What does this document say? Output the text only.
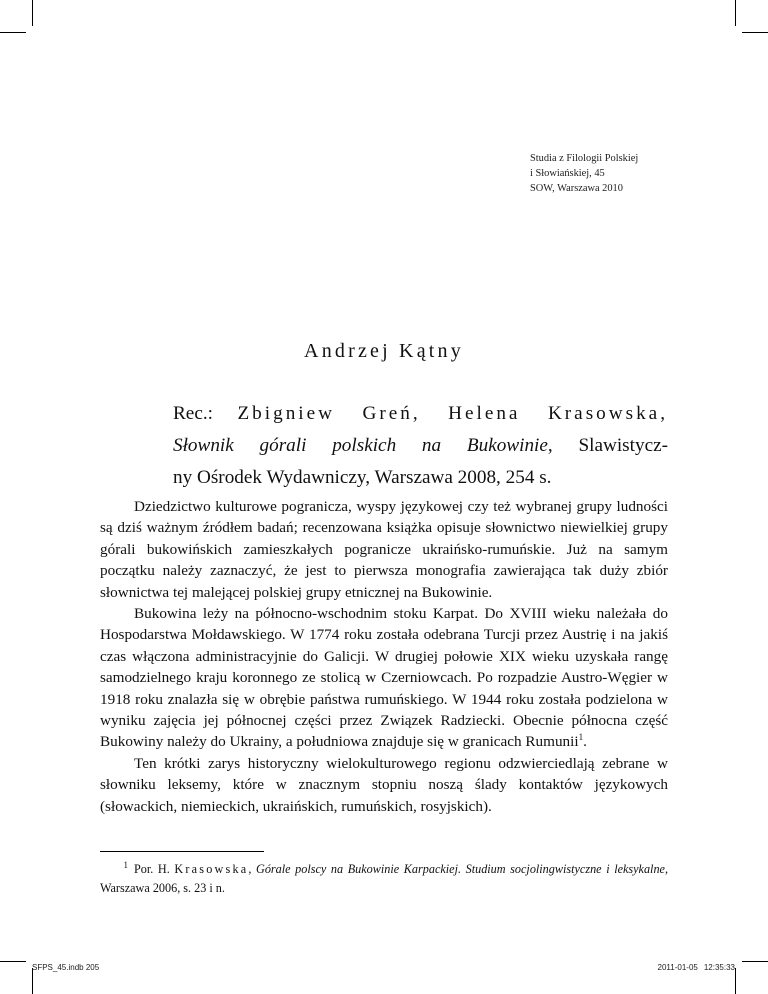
Studia z Filologii Polskiej
i Słowiańskiej, 45
SOW, Warszawa 2010
Andrzej Kątny
Rec.: Zbigniew Greń, Helena Krasowska,
Słownik górali polskich na Bukowinie, Slawistycz-
ny Ośrodek Wydawniczy, Warszawa 2008, 254 s.

Dziedzictwo kulturowe pogranicza, wyspy językowej czy też wybranej grupy ludności są dziś ważnym źródłem badań; recenzowana książka opisuje słownictwo niewielkiej grupy górali bukowińskich zamieszkałych pogranicze ukraińsko-rumuńskie. Już na samym początku należy zaznaczyć, że jest to pierwsza monografia zawierająca tak duży zbiór słownictwa tej malejącej polskiej grupy etnicznej na Bukowinie.

Bukowina leży na północno-wschodnim stoku Karpat. Do XVIII wieku należała do Hospodarstwa Mołdawskiego. W 1774 roku została odebrana Turcji przez Austrię i na jakiś czas włączona administracyjnie do Galicji. W drugiej połowie XIX wieku uzyskała rangę samodzielnego kraju koronnego ze stolicą w Czerniowcach. Po rozpadzie Austro-Węgier w 1918 roku znalazła się w obrębie państwa rumuńskiego. W 1944 roku została podzielona w wyniku zajęcia jej północnej części przez Związek Radziecki. Obecnie północna część Bukowiny należy do Ukrainy, a południowa znajduje się w granicach Rumunii$^1$.

Ten krótki zarys historyczny wielokulturowego regionu odzwierciedlają zebrane w słowniku leksemy, które w znacznym stopniu noszą ślady kontaktów językowych (słowackich, niemieckich, ukraińskich, rumuńskich, rosyjskich).

1 Por. H. Krasowska, Górale polscy na Bukowinie Karpackiej. Studium socjolingwistyczne i leksykalne, Warszawa 2006, s. 23 i n.
SFPS_45.indb 205	2011-01-05 12:35:33
